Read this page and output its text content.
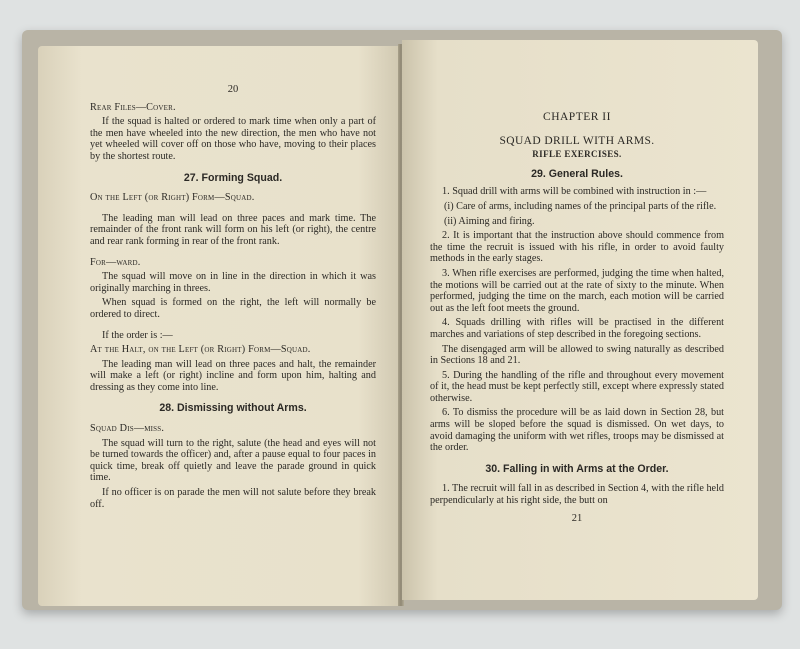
20

Rear Files—Cover.

If the squad is halted or ordered to mark time when only a part of the men have wheeled into the new direction, the men who have not yet wheeled will cover off on those who have, moving to their places by the shortest route.

27. Forming Squad.

On the Left (or Right) Form—Squad.

The leading man will lead on three paces and mark time. The remainder of the front rank will form on his left (or right), the centre and rear rank forming in rear of the front rank.

For—ward.

The squad will move on in line in the direction in which it was originally marching in threes.

When squad is formed on the right, the left will normally be ordered to direct.

If the order is :—

At the Halt, on the Left (or Right) Form—Squad.

The leading man will lead on three paces and halt, the remainder will make a left (or right) incline and form upon him, halting and dressing as they come into line.

28. Dismissing without Arms.

Squad Dis—miss.

The squad will turn to the right, salute (the head and eyes will not be turned towards the officer) and, after a pause equal to four paces in quick time, break off quietly and leave the parade ground in quick time.

If no officer is on parade the men will not salute before they break off.

CHAPTER II
SQUAD DRILL WITH ARMS.
RIFLE EXERCISES.
29. General Rules.

1. Squad drill with arms will be combined with instruction in :—

(i) Care of arms, including names of the principal parts of the rifle.

(ii) Aiming and firing.

2. It is important that the instruction above should commence from the time the recruit is issued with his rifle, in order to avoid faulty methods in the early stages.

3. When rifle exercises are performed, judging the time when halted, the motions will be carried out at the rate of sixty to the minute. When performed, judging the time on the march, each motion will be carried out as the left foot meets the ground.

4. Squads drilling with rifles will be practised in the different marches and variations of step described in the foregoing sections.

The disengaged arm will be allowed to swing naturally as described in Sections 18 and 21.

5. During the handling of the rifle and throughout every movement of it, the head must be kept perfectly still, except where expressly stated otherwise.

6. To dismiss the procedure will be as laid down in Section 28, but arms will be sloped before the squad is dismissed. On wet days, to avoid damaging the uniform with wet rifles, troops may be dismissed at the order.

30. Falling in with Arms at the Order.

1. The recruit will fall in as described in Section 4, with the rifle held perpendicularly at his right side, the butt on

21
